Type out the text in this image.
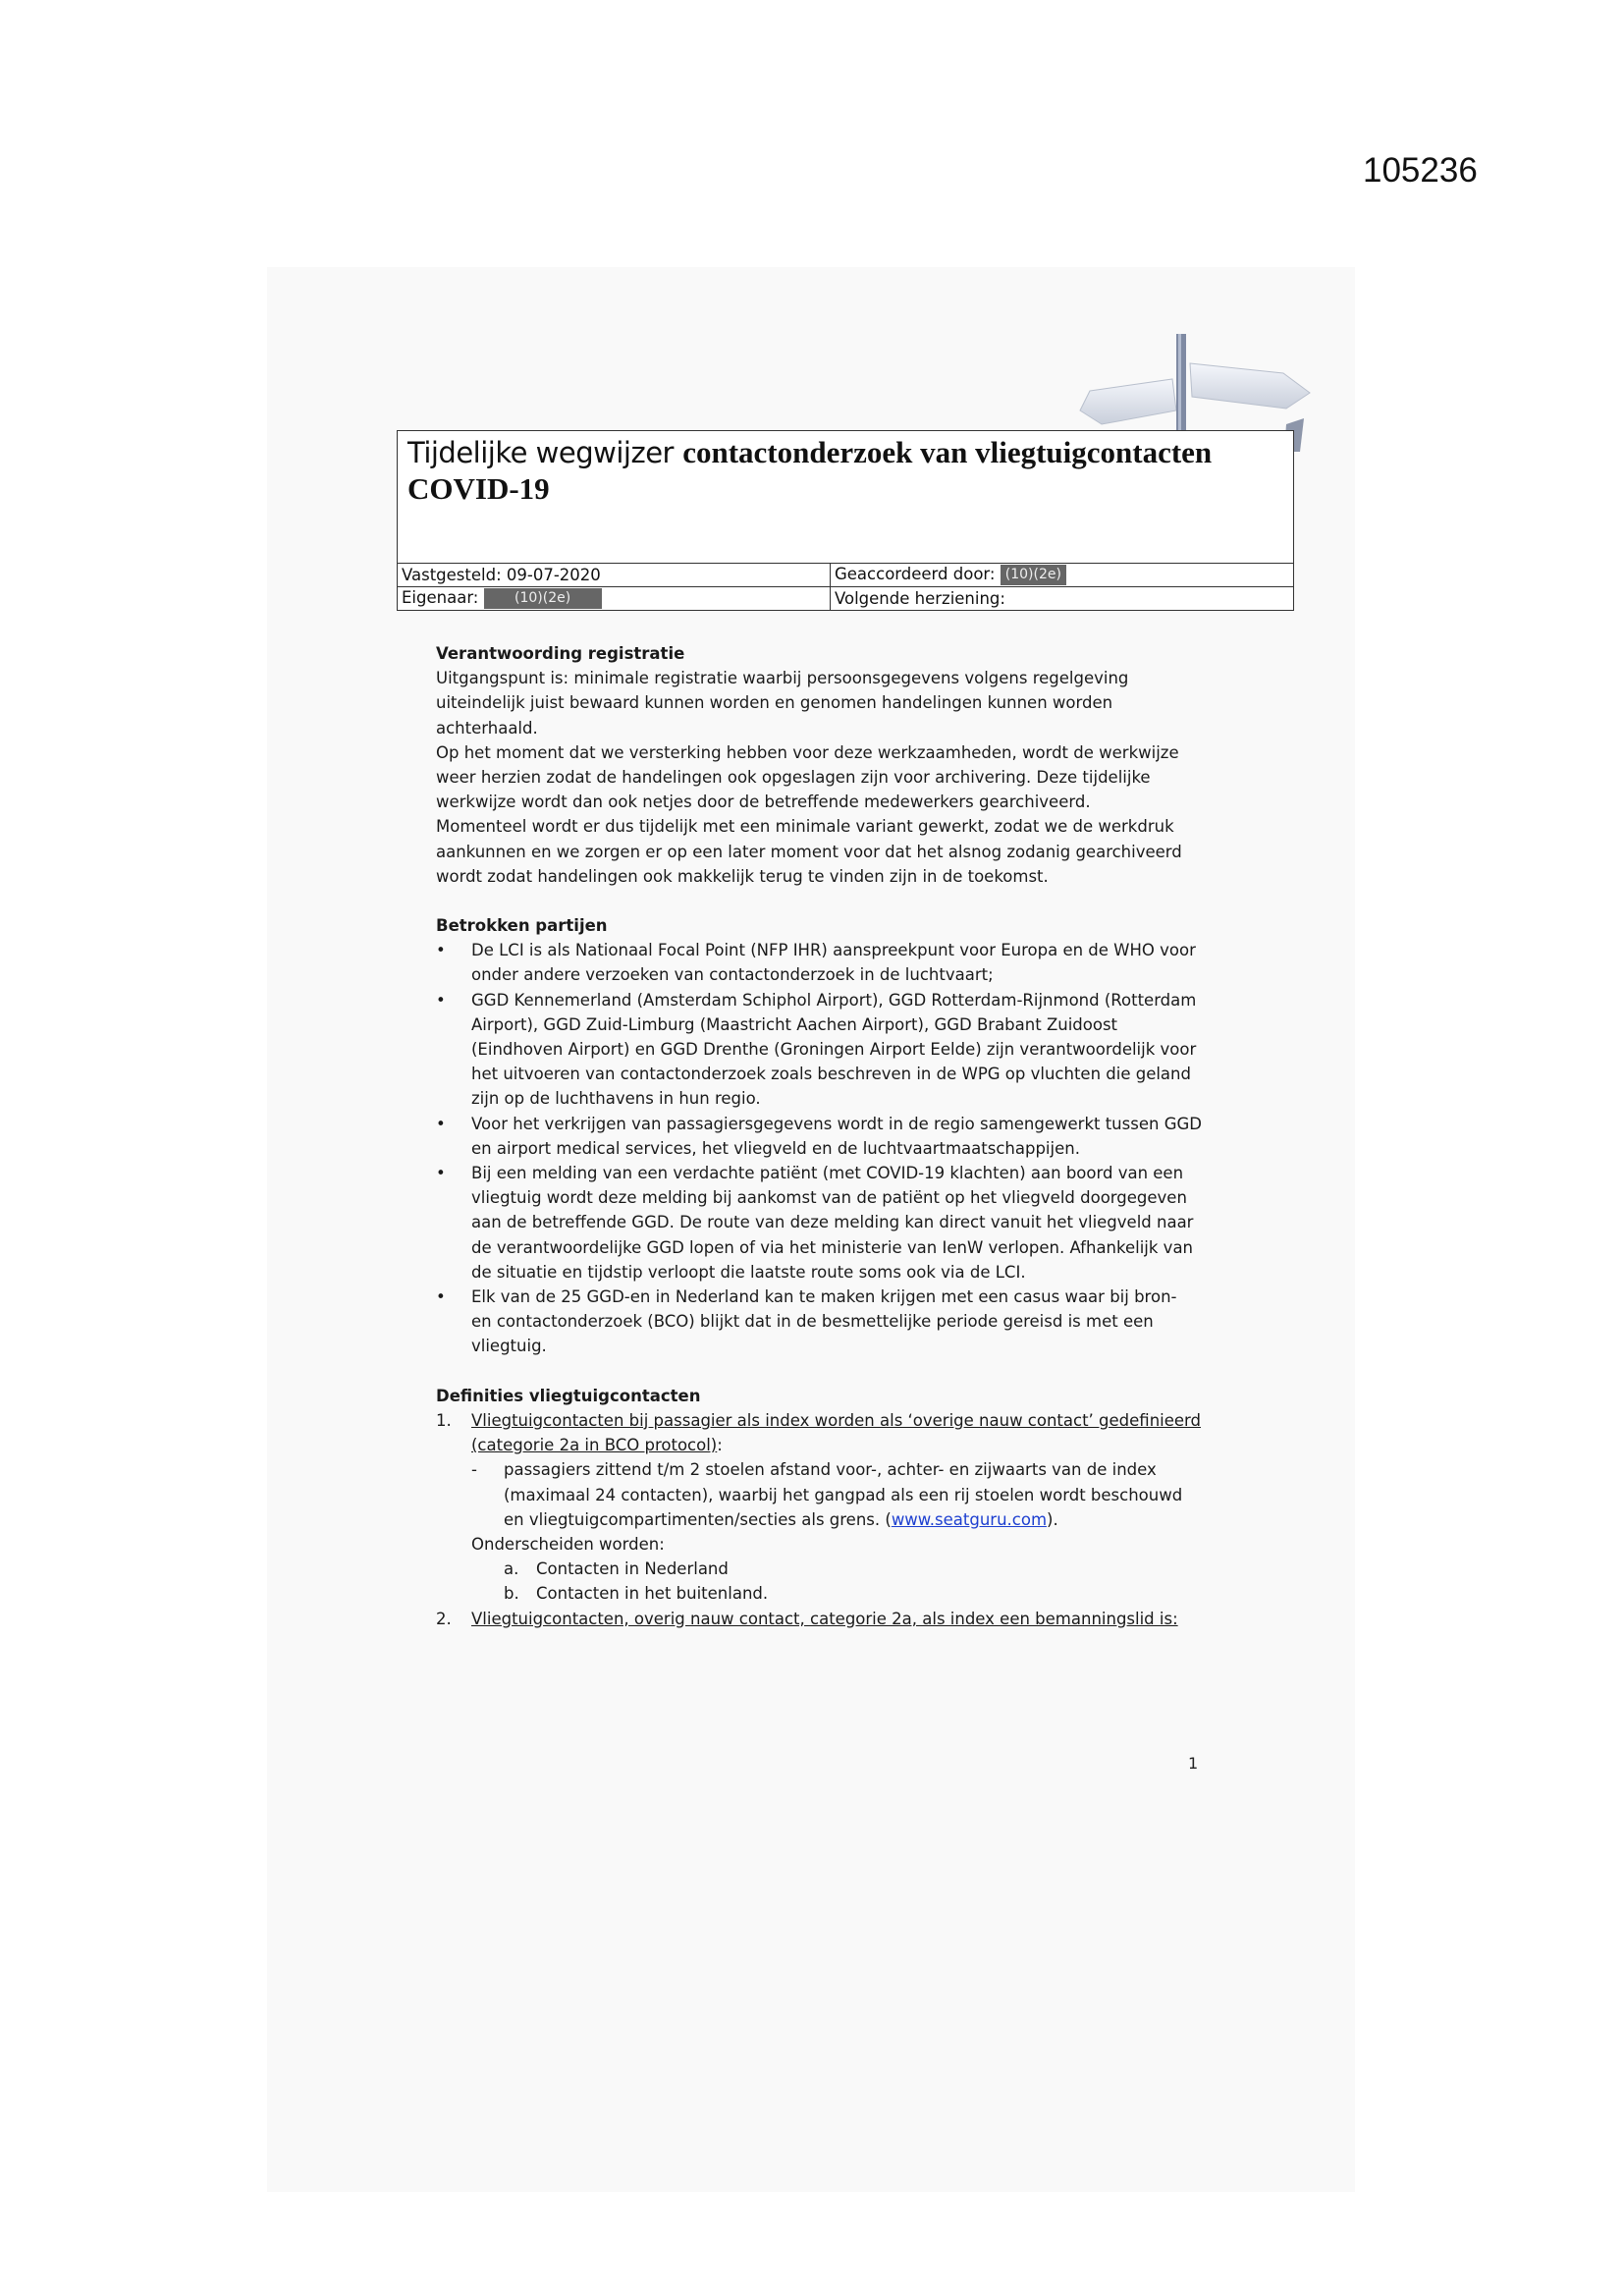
105236
Tijdelijke wegwijzer contactonderzoek van vliegtuigcontacten
COVID-19
Vastgesteld: 09-07-2020	Geaccordeerd door: (10)(2e)
Eigenaar: (10)(2e)	Volgende herziening:

Verantwoording registratie

Uitgangspunt is: minimale registratie waarbij persoonsgegevens volgens regelgeving uiteindelijk juist bewaard kunnen worden en genomen handelingen kunnen worden achterhaald.

Op het moment dat we versterking hebben voor deze werkzaamheden, wordt de werkwijze weer herzien zodat de handelingen ook opgeslagen zijn voor archivering. Deze tijdelijke werkwijze wordt dan ook netjes door de betreffende medewerkers gearchiveerd.

Momenteel wordt er dus tijdelijk met een minimale variant gewerkt, zodat we de werkdruk aankunnen en we zorgen er op een later moment voor dat het alsnog zodanig gearchiveerd wordt zodat handelingen ook makkelijk terug te vinden zijn in de toekomst.

Betrokken partijen

• De LCI is als Nationaal Focal Point (NFP IHR) aanspreekpunt voor Europa en de WHO voor onder andere verzoeken van contactonderzoek in de luchtvaart;
• GGD Kennemerland (Amsterdam Schiphol Airport), GGD Rotterdam-Rijnmond (Rotterdam Airport), GGD Zuid-Limburg (Maastricht Aachen Airport), GGD Brabant Zuidoost (Eindhoven Airport) en GGD Drenthe (Groningen Airport Eelde) zijn verantwoordelijk voor het uitvoeren van contactonderzoek zoals beschreven in de WPG op vluchten die geland zijn op de luchthavens in hun regio.
• Voor het verkrijgen van passagiersgegevens wordt in de regio samengewerkt tussen GGD en airport medical services, het vliegveld en de luchtvaartmaatschappijen.
• Bij een melding van een verdachte patiënt (met COVID-19 klachten) aan boord van een vliegtuig wordt deze melding bij aankomst van de patiënt op het vliegveld doorgegeven aan de betreffende GGD. De route van deze melding kan direct vanuit het vliegveld naar de verantwoordelijke GGD lopen of via het ministerie van IenW verlopen. Afhankelijk van de situatie en tijdstip verloopt die laatste route soms ook via de LCI.
• Elk van de 25 GGD-en in Nederland kan te maken krijgen met een casus waar bij bron- en contactonderzoek (BCO) blijkt dat in de besmettelijke periode gereisd is met een vliegtuig.

Definities vliegtuigcontacten

1. Vliegtuigcontacten bij passagier als index worden als ‘overige nauw contact’ gedefinieerd (categorie 2a in BCO protocol):
- passagiers zittend t/m 2 stoelen afstand voor-, achter- en zijwaarts van de index (maximaal 24 contacten), waarbij het gangpad als een rij stoelen wordt beschouwd en vliegtuigcompartimenten/secties als grens. (www.seatguru.com).
Onderscheiden worden:
a. Contacten in Nederland
b. Contacten in het buitenland.
2. Vliegtuigcontacten, overig nauw contact, categorie 2a, als index een bemanningslid is:
1
